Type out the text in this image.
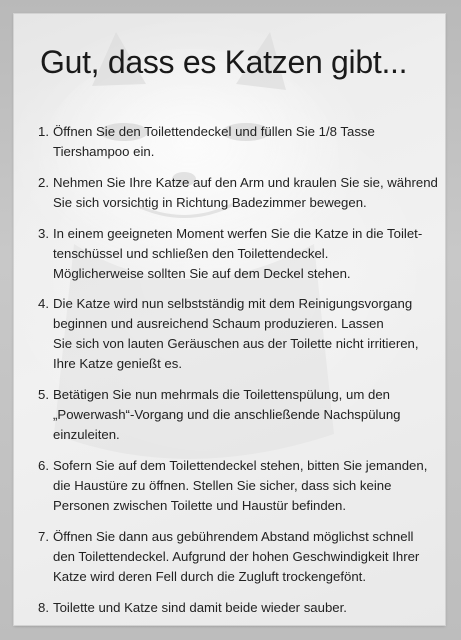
Gut, dass es Katzen gibt...
1. Öffnen Sie den Toilettendeckel und füllen Sie 1/8 Tasse
Tiershampoo ein.
2. Nehmen Sie Ihre Katze auf den Arm und kraulen Sie sie, während
Sie sich vorsichtig in Richtung Badezimmer bewegen.
3. In einem geeigneten Moment werfen Sie die Katze in die Toilet-
tenschüssel und schließen den Toilettendeckel.
Möglicherweise sollten Sie auf dem Deckel stehen.
4. Die Katze wird nun selbstständig mit dem Reinigungsvorgang
beginnen und ausreichend Schaum produzieren. Lassen
Sie sich von lauten Geräuschen aus der Toilette nicht irritieren,
Ihre Katze genießt es.
5. Betätigen Sie nun mehrmals die Toilettenspülung, um den
„Powerwash“-Vorgang und die anschließende Nachspülung
einzuleiten.
6. Sofern Sie auf dem Toilettendeckel stehen, bitten Sie jemanden,
die Haustüre zu öffnen. Stellen Sie sicher, dass sich keine
Personen zwischen Toilette und Haustür befinden.
7. Öffnen Sie dann aus gebührendem Abstand möglichst schnell
den Toilettendeckel. Aufgrund der hohen Geschwindigkeit Ihrer
Katze wird deren Fell durch die Zugluft trockengefönt.
8. Toilette und Katze sind damit beide wieder sauber.
